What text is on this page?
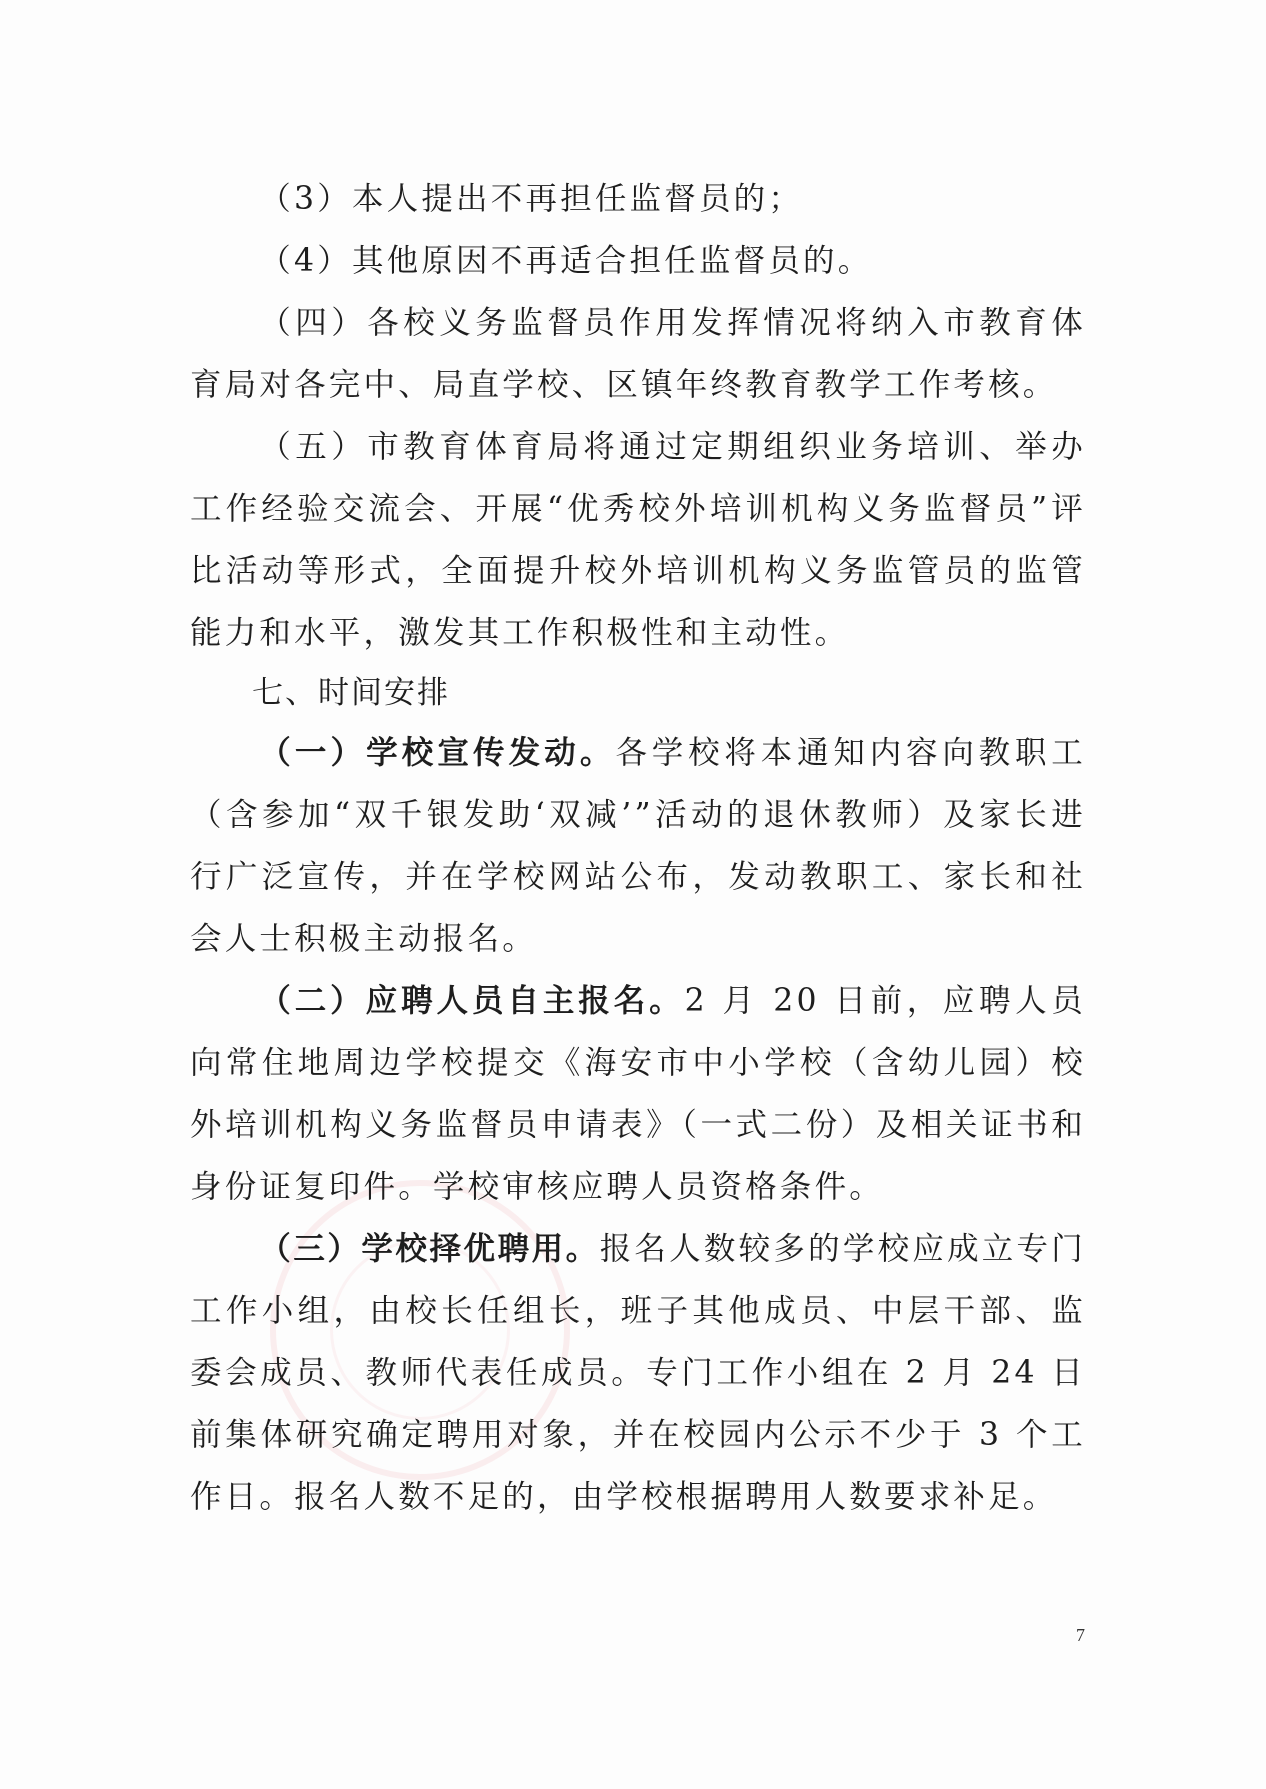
（3）本人提出不再担任监督员的；

（4）其他原因不再适合担任监督员的。

（四）各校义务监督员作用发挥情况将纳入市教育体育局对各完中、局直学校、区镇年终教育教学工作考核。

（五）市教育体育局将通过定期组织业务培训、举办工作经验交流会、开展“优秀校外培训机构义务监督员”评比活动等形式，全面提升校外培训机构义务监管员的监管能力和水平，激发其工作积极性和主动性。

七、时间安排

（一）学校宣传发动。各学校将本通知内容向教职工（含参加“双千银发助‘双减’”活动的退休教师）及家长进行广泛宣传，并在学校网站公布，发动教职工、家长和社会人士积极主动报名。

（二）应聘人员自主报名。2 月 20 日前，应聘人员向常住地周边学校提交《海安市中小学校（含幼儿园）校外培训机构义务监督员申请表》（一式二份）及相关证书和身份证复印件。学校审核应聘人员资格条件。

（三）学校择优聘用。报名人数较多的学校应成立专门工作小组，由校长任组长，班子其他成员、中层干部、监委会成员、教师代表任成员。专门工作小组在 2 月 24 日前集体研究确定聘用对象，并在校园内公示不少于 3 个工作日。报名人数不足的，由学校根据聘用人数要求补足。

7
